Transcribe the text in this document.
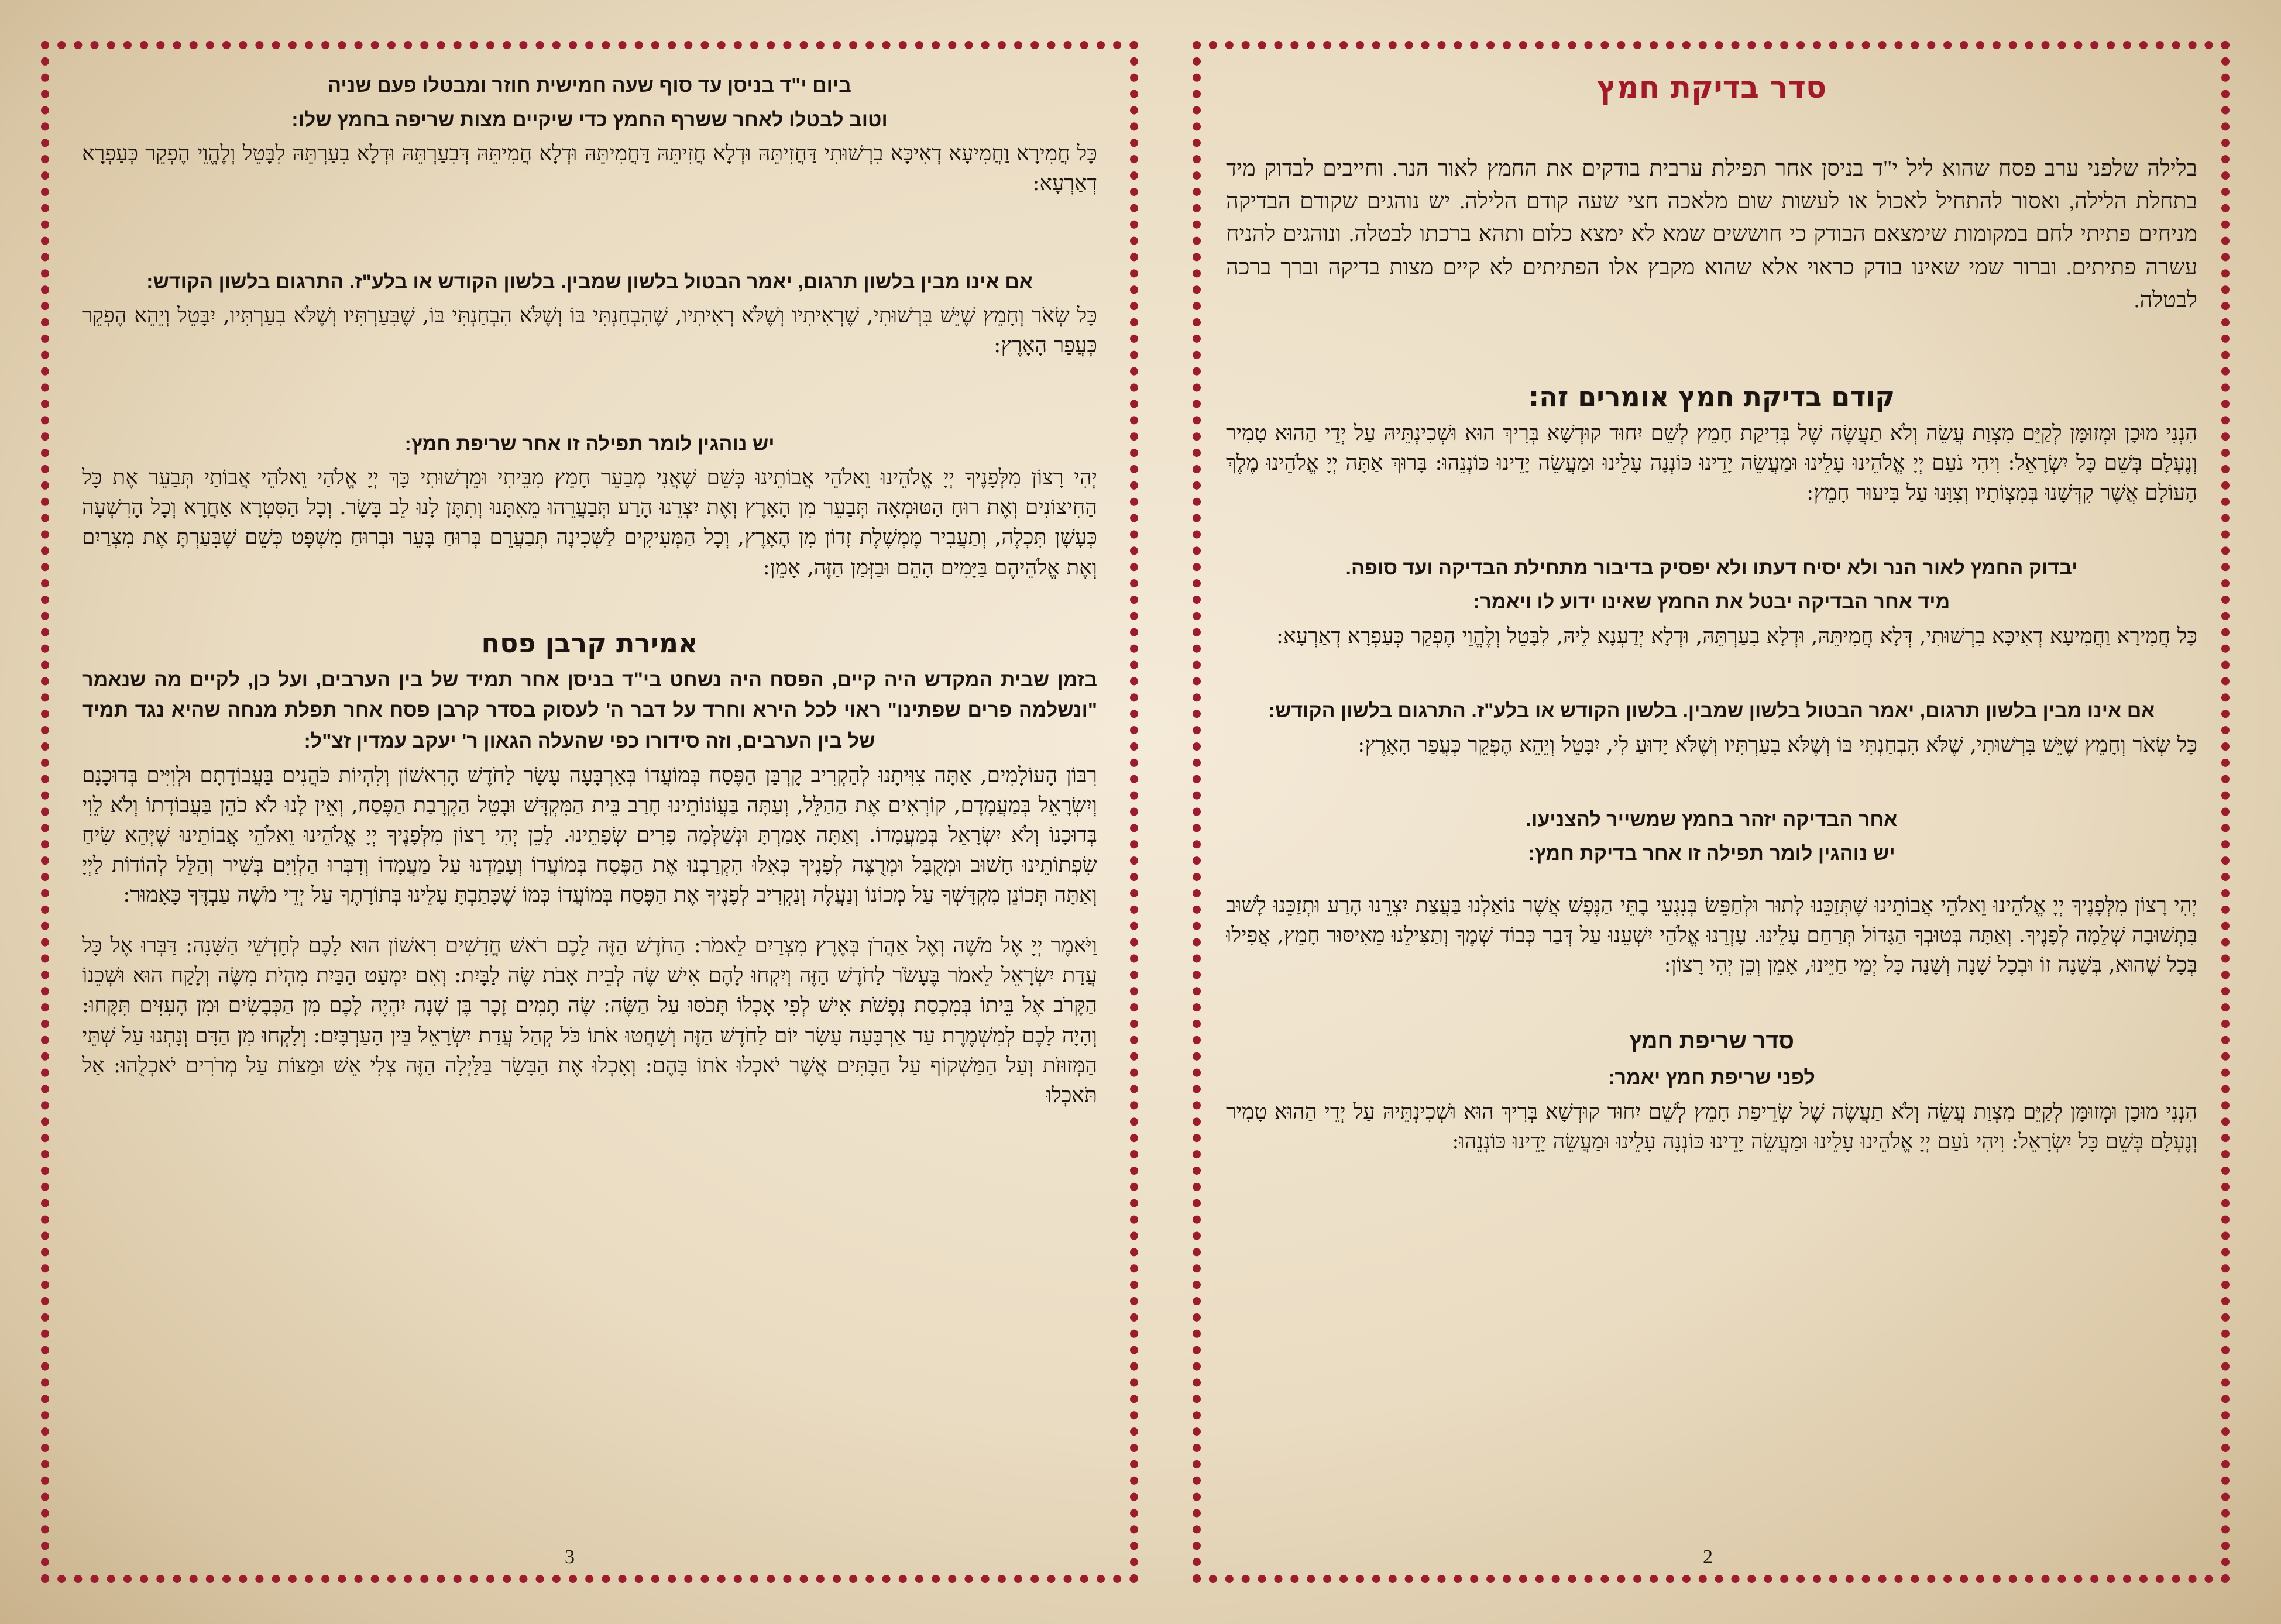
ביום י"ד בניסן עד סוף שעה חמישית חוזר ומבטלו פעם שניה

וטוב לבטלו לאחר ששרף החמץ כדי שיקיים מצות שריפה בחמץ שלו:

כָּל חֲמִירָא וַחֲמִיעָא דְאִיכָּא בִרְשׁוּתִי דַּחֲזִיתֵּהּ וּדְלָא חֲזִיתֵּהּ דַּחֲמִיתֵּהּ וּדְלָא חֲמִיתֵּהּ דְּבִעַרְתֵּהּ וּדְלָא בִעַרְתֵּהּ לִבָּטֵל וְלֶהֱוֵי הֶפְקֵר כְּעַפְרָא דְאַרְעָא:

אם אינו מבין בלשון תרגום, יאמר הבטול בלשון שמבין. בלשון הקודש או בלע"ז. התרגום בלשון הקודש:

כָּל שְׂאֹר וְחָמֵץ שֶׁיֵּשׁ בִּרְשׁוּתִי, שֶׁרְאִיתִיו וְשֶׁלֹּא רְאִיתִיו, שֶׁהִבְחַנְתִּי בּוֹ וְשֶׁלֹּא הִבְחַנְתִּי בּוֹ, שֶׁבִּעַרְתִּיו וְשֶׁלֹּא בִעַרְתִּיו, יִבָּטֵל וְיֵהֵא הֶפְקֵר כְּעֲפַר הָאָרֶץ:

יש נוהגין לומר תפילה זו אחר שריפת חמץ:

יְהִי רָצוֹן מִלְּפָנֶיךָ יְיָ אֱלֹהֵינוּ וֵאלֹהֵי אֲבוֹתֵינוּ כְּשֵׁם שֶׁאֲנִי מְבַעֵר חָמֵץ מִבֵּיתִי וּמֵרְשׁוּתִי כָּךְ יְיָ אֱלֹהַי וֵאלֹהֵי אֲבוֹתַי תְּבַעֵר אֶת כָּל הַחִיצוֹנִים וְאֶת רוּחַ הַטּוּמְאָה תְּבַעֵר מִן הָאָרֶץ וְאֶת יִצְרֵנוּ הָרַע תְּבַעֲרֵהוּ מֵאִתָּנוּ וְתִתֶּן לָנוּ לֵב בָּשָׂר. וְכָל הַסִּטְרָא אַחֲרָא וְכָל הָרִשְׁעָה כְּעָשָׁן תִּכְלֶה, וְתַעֲבִיר מֶמְשֶׁלֶת זָדוֹן מִן הָאָרֶץ, וְכָל הַמְּעִיקִים לַשְּׁכִינָה תְּבַעֲרֵם בְּרוּחַ בָּעֵר וּבְרוּחַ מִשְׁפָּט כְּשֵׁם שֶׁבִּעַרְתָּ אֶת מִצְרַיִם וְאֶת אֱלֹהֵיהֶם בַּיָּמִים הָהֵם וּבַזְּמַן הַזֶּה, אָמֵן:

אמירת קרבן פסח

בזמן שבית המקדש היה קיים, הפסח היה נשחט בי"ד בניסן אחר תמיד של בין הערבים, ועל כן, לקיים מה שנאמר "ונשלמה פרים שפתינו" ראוי לכל הירא וחרד על דבר ה' לעסוק בסדר קרבן פסח אחר תפלת מנחה שהיא נגד תמיד של בין הערבים, וזה סידורו כפי שהעלה הגאון ר' יעקב עמדין זצ"ל:

רִבּוֹן הָעוֹלָמִים, אַתָּה צִוִּיתָנוּ לְהַקְרִיב קָרְבַּן הַפֶּסַח בְּמוֹעֲדוֹ בְּאַרְבָּעָה עָשָׂר לַחֹדֶשׁ הָרִאשׁוֹן וְלִהְיוֹת כֹּהֲנִים בַּעֲבוֹדָתָם וּלְוִיִּים בְּדוּכָנָם וְיִשְׂרָאֵל בְּמַעֲמָדָם, קוֹרְאִים אֶת הַהַלֵּל, וְעַתָּה בַּעֲוֹנוֹתֵינוּ חָרַב בֵּית הַמִּקְדָּשׁ וּבָטֵל הַקְרָבַת הַפֶּסַח, וְאֵין לָנוּ לֹא כֹהֵן בַּעֲבוֹדָתוֹ וְלֹא לֵוִי בְּדוּכָנוֹ וְלֹא יִשְׂרָאֵל בְּמַעֲמָדוֹ. וְאַתָּה אָמַרְתָּ וּנְשַׁלְּמָה פָרִים שְׂפָתֵינוּ. לָכֵן יְהִי רָצוֹן מִלְּפָנֶיךָ יְיָ אֱלֹהֵינוּ וֵאלֹהֵי אֲבוֹתֵינוּ שֶׁיְּהֵא שִׂיחַ שִׂפְתוֹתֵינוּ חָשׁוּב וּמְקֻבָּל וּמְרֻצֶּה לְפָנֶיךָ כְּאִלּוּ הִקְרַבְנוּ אֶת הַפֶּסַח בְּמוֹעֲדוֹ וְעָמַדְנוּ עַל מַעֲמָדוֹ וְדִבְּרוּ הַלְוִיִּם בְּשִׁיר וְהַלֵּל לְהוֹדוֹת לַיְיָ וְאַתָּה תְּכוֹנֵן מִקְדָּשְׁךָ עַל מְכוֹנוֹ וְנַעֲלֶה וְנַקְרִיב לְפָנֶיךָ אֶת הַפֶּסַח בְּמוֹעֲדוֹ כְּמוֹ שֶׁכָּתַבְתָּ עָלֵינוּ בְּתוֹרָתֶךָ עַל יְדֵי מֹשֶׁה עַבְדֶּךָ כָּאָמוּר:

וַיֹּאמֶר יְיָ אֶל מֹשֶׁה וְאֶל אַהֲרֹן בְּאֶרֶץ מִצְרַיִם לֵאמֹר: הַחֹדֶשׁ הַזֶּה לָכֶם רֹאשׁ חֳדָשִׁים רִאשׁוֹן הוּא לָכֶם לְחָדְשֵׁי הַשָּׁנָה: דַּבְּרוּ אֶל כָּל עֲדַת יִשְׂרָאֵל לֵאמֹר בֶּעָשֹׂר לַחֹדֶשׁ הַזֶּה וְיִקְחוּ לָהֶם אִישׁ שֶׂה לְבֵית אָבֹת שֶׂה לַבָּיִת: וְאִם יִמְעַט הַבַּיִת מִהְיֹת מִשֶּׂה וְלָקַח הוּא וּשְׁכֵנוֹ הַקָּרֹב אֶל בֵּיתוֹ בְּמִכְסַת נְפָשֹׁת אִישׁ לְפִי אָכְלוֹ תָּכֹסּוּ עַל הַשֶּׂה: שֶׂה תָמִים זָכָר בֶּן שָׁנָה יִהְיֶה לָכֶם מִן הַכְּבָשִׂים וּמִן הָעִזִּים תִּקָּחוּ: וְהָיָה לָכֶם לְמִשְׁמֶרֶת עַד אַרְבָּעָה עָשָׂר יוֹם לַחֹדֶשׁ הַזֶּה וְשָׁחֲטוּ אֹתוֹ כֹּל קְהַל עֲדַת יִשְׂרָאֵל בֵּין הָעַרְבָּיִם: וְלָקְחוּ מִן הַדָּם וְנָתְנוּ עַל שְׁתֵּי הַמְּזוּזֹת וְעַל הַמַּשְׁקוֹף עַל הַבָּתִּים אֲשֶׁר יֹאכְלוּ אֹתוֹ בָּהֶם: וְאָכְלוּ אֶת הַבָּשָׂר בַּלַּיְלָה הַזֶּה צְלִי אֵשׁ וּמַצּוֹת עַל מְרֹרִים יֹאכְלֻהוּ: אַל תֹּאכְלוּ

3

סדר בדיקת חמץ

בלילה שלפני ערב פסח שהוא ליל י"ד בניסן אחר תפילת ערבית בודקים את החמץ לאור הנר. וחייבים לבדוק מיד בתחלת הלילה, ואסור להתחיל לאכול או לעשות שום מלאכה חצי שעה קודם הלילה. יש נוהגים שקודם הבדיקה מניחים פתיתי לחם במקומות שימצאם הבודק כי חוששים שמא לא ימצא כלום ותהא ברכתו לבטלה. ונוהגים להניח עשרה פתיתים. וברור שמי שאינו בודק כראוי אלא שהוא מקבץ אלו הפתיתים לא קיים מצות בדיקה וברך ברכה לבטלה.

קודם בדיקת חמץ אומרים זה:

הִנְנִי מוּכָן וּמְזוּמָּן לְקַיֵּם מִצְוַת עֲשֵׂה וְלֹא תַעֲשֶׂה שֶׁל בְּדִיקַת חָמֵץ לְשֵׁם יִחוּד קוּדְשָׁא בְּרִיךְ הוּא וּשְׁכִינְתֵּיהּ עַל יְדֵי הַהוּא טָמִיר וְנֶעְלָם בְּשֵׁם כָּל יִשְׂרָאֵל: וִיהִי נֹעַם יְיָ אֱלֹהֵינוּ עָלֵינוּ וּמַעֲשֵׂה יָדֵינוּ כּוֹנְנָה עָלֵינוּ וּמַעֲשֵׂה יָדֵינוּ כּוֹנְנֵהוּ: בָּרוּךְ אַתָּה יְיָ אֱלֹהֵינוּ מֶלֶךְ הָעוֹלָם אֲשֶׁר קִדְּשָׁנוּ בְּמִצְוֹתָיו וְצִוָּנוּ עַל בִּיעוּר חָמֵץ:

יבדוק החמץ לאור הנר ולא יסיח דעתו ולא יפסיק בדיבור מתחילת הבדיקה ועד סופה.

מיד אחר הבדיקה יבטל את החמץ שאינו ידוע לו ויאמר:

כָּל חֲמִירָא וַחֲמִיעָא דְאִיכָּא בִרְשׁוּתִי, דְּלָא חֲמִיתֵּהּ, וּדְלָא בִעַרְתֵּהּ, וּדְלָא יְדַעְנָא לֵיהּ, לִבָּטֵל וְלֶהֱוֵי הֶפְקֵר כְּעַפְרָא דְאַרְעָא:

אם אינו מבין בלשון תרגום, יאמר הבטול בלשון שמבין. בלשון הקודש או בלע"ז. התרגום בלשון הקודש:

כָּל שְׂאֹר וְחָמֵץ שֶׁיֵּשׁ בִּרְשׁוּתִי, שֶׁלֹּא הִבְחַנְתִּי בּוֹ וְשֶׁלֹּא בִעַרְתִּיו וְשֶׁלֹּא יָדוּעַ לִי, יִבָּטֵל וְיֵהֵא הֶפְקֵר כְּעֲפַר הָאָרֶץ:

אחר הבדיקה יזהר בחמץ שמשייר להצניעו.

יש נוהגין לומר תפילה זו אחר בדיקת חמץ:

יְהִי רָצוֹן מִלְּפָנֶיךָ יְיָ אֱלֹהֵינוּ וֵאלֹהֵי אֲבוֹתֵינוּ שֶׁתְּזַכֵּנוּ לָתוּר וּלְחַפֵּשׂ בְּנִגְעֵי בָתֵּי הַנֶּפֶשׁ אֲשֶׁר נוֹאַלְנוּ בַּעֲצַת יִצְרֵנוּ הָרַע וּתְזַכֵּנוּ לָשׁוּב בִּתְשׁוּבָה שְׁלֵמָה לְפָנֶיךָ. וְאַתָּה בְּטוּבְךָ הַגָּדוֹל תְּרַחֵם עָלֵינוּ. עָזְרֵנוּ אֱלֹהֵי יִשְׁעֵנוּ עַל דְּבַר כְּבוֹד שְׁמֶךָ וְתַצִּילֵנוּ מֵאִיסּוּר חָמֵץ, אֲפִילוּ בְּכָל שֶׁהוּא, בְּשָׁנָה זוֹ וּבְכָל שָׁנָה וְשָׁנָה כָּל יְמֵי חַיֵּינוּ, אָמֵן וְכֵן יְהִי רָצוֹן:

סדר שריפת חמץ

לפני שריפת חמץ יאמר:

הִנְנִי מוּכָן וּמְזוּמָּן לְקַיֵּם מִצְוַת עֲשֵׂה וְלֹא תַעֲשֶׂה שֶׁל שְׂרֵיפַת חָמֵץ לְשֵׁם יִחוּד קוּדְשָׁא בְּרִיךְ הוּא וּשְׁכִינְתֵּיהּ עַל יְדֵי הַהוּא טָמִיר וְנֶעְלָם בְּשֵׁם כָּל יִשְׂרָאֵל: וִיהִי נֹעַם יְיָ אֱלֹהֵינוּ עָלֵינוּ וּמַעֲשֵׂה יָדֵינוּ כּוֹנְנָה עָלֵינוּ וּמַעֲשֵׂה יָדֵינוּ כּוֹנְנֵהוּ:

2
